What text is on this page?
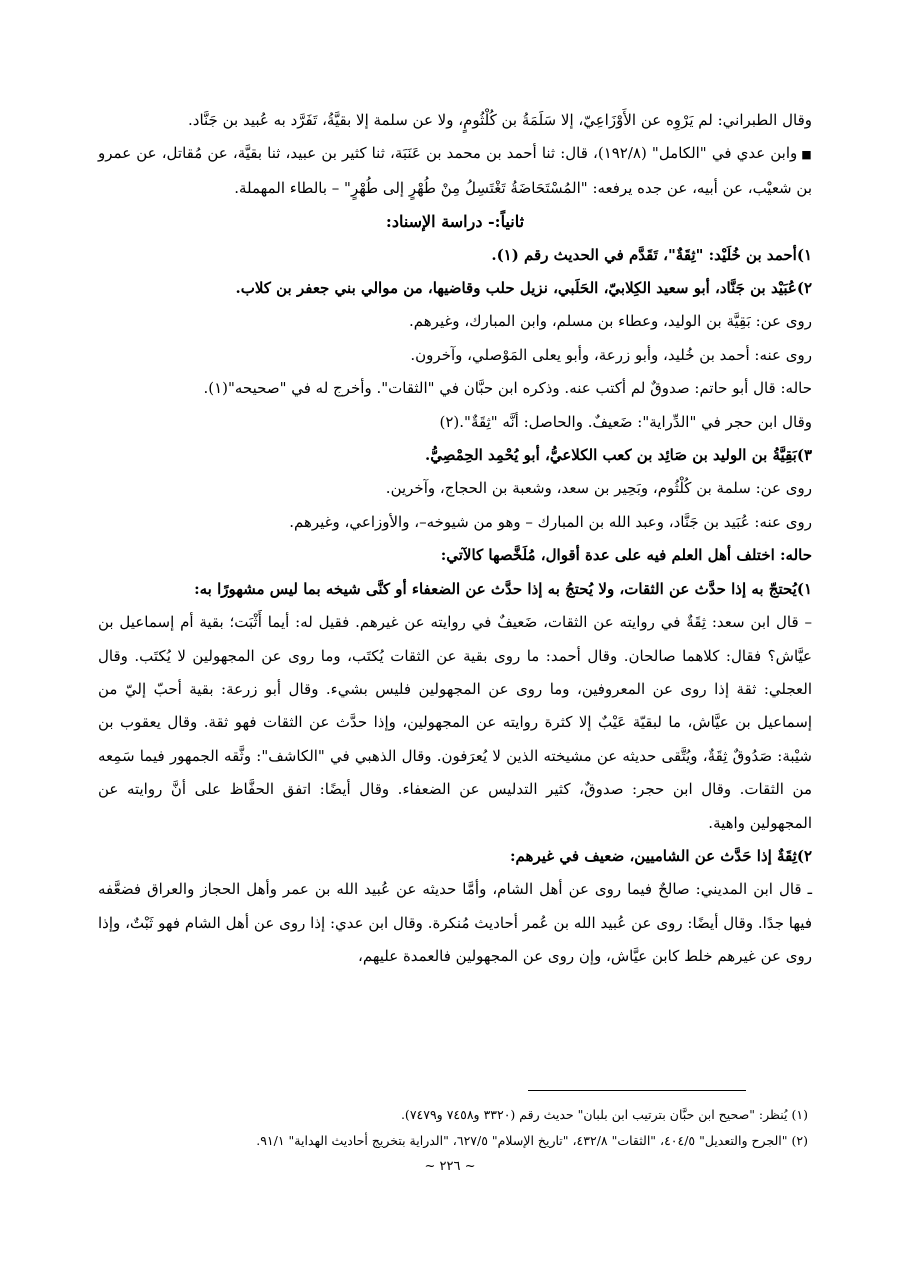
وقال الطبراني: لم يَرْوِه عن الأَوْزَاعِيّ، إلا سَلَمَةُ بن كُلْثُومٍ، ولا عن سلمة إلا بقيَّةُ، تَفَرَّد به عُبيد بن جَنَّاد.

■وابن عدي في "الكامل" (١٩٢/٨)، قال: ثنا أحمد بن محمد بن عَنَبَة، ثنا كثير بن عبيد، ثنا بقيَّة، عن مُقاتل، عن عمرو بن شعيْب، عن أبيه، عن جده يرفعه: "المُسْتَحَاضَةُ تَغْتَسِلُ مِنْ طُهْرٍ إلى طُهْرٍ" – بالطاء المهملة.

ثانياً:- دراسة الإسناد:

١)أحمد بن خُلَيْد: "ثِقَةٌ"، تَقَدَّم في الحديث رقم (١).

٢)عُبَيْد بن جَنَّاد، أبو سعيد الكِلابيّ، الحَلَبي، نزيل حلب وقاضيها، من موالي بني جعفر بن كلاب.

روى عن: بَقِيَّة بن الوليد، وعطاء بن مسلم، وابن المبارك، وغيرهم.

روى عنه: أحمد بن خُليد، وأبو زرعة، وأبو يعلى المَوْصلي، وآخرون.

حاله: قال أبو حاتم: صدوقٌ لم أكتب عنه. وذكره ابن حبَّان في "الثقات". وأخرج له في "صحيحه"(١).

وقال ابن حجر في "الدِّراية": ضَعيفٌ. والحاصل: أنَّه "ثِقَةٌ".(٢)

٣)بَقِيَّةُ بن الوليد بن صَائِد بن كعب الكلاعيُّ، أبو يُحْمِد الحِمْصِيُّ.

روى عن: سلمة بن كُلْثُوم، وبَحِير بن سعد، وشعبة بن الحجاج، وآخرين.

روى عنه: عُبَيد بن جَنَّاد، وعبد الله بن المبارك – وهو من شيوخه–، والأوزاعي، وغيرهم.

حاله: اختلف أهل العلم فيه على عدة أقوال، مُلَخَّصها كالآتي:

١)يُحتجّ به إذا حدَّث عن الثقات، ولا يُحتجُ به إذا حدَّث عن الضعفاء أو كنَّى شيخه بما ليس مشهورًا به:

– قال ابن سعد: ثِقَةٌ في روايته عن الثقات، ضَعيفٌ في روايته عن غيرهم. فقيل له: أيما أَثْبَت؛ بقية أم إسماعيل بن عيَّاش؟ فقال: كلاهما صالحان. وقال أحمد: ما روى بقية عن الثقات يُكتَب، وما روى عن المجهولين لا يُكتَب. وقال العجلي: ثقة إذا روى عن المعروفين، وما روى عن المجهولين فليس بشيء. وقال أبو زرعة: بقية أحبّ إليّ من إسماعيل بن عيَّاش، ما لبقيّة عَيْبٌ إلا كثرة روايته عن المجهولين، وإذا حدَّث عن الثقات فهو ثقة. وقال يعقوب بن شيْبة: صَدُوقٌ ثِقَةٌ، ويُتَّقى حديثه عن مشيخته الذين لا يُعرَفون. وقال الذهبي في "الكاشف": وثَّقه الجمهور فيما سَمِعه من الثقات. وقال ابن حجر: صدوقٌ، كثير التدليس عن الضعفاء. وقال أيضًا: اتفق الحفَّاظ على أنَّ روايته عن المجهولين واهية.

٢)ثِقَةٌ إذا حَدَّث عن الشاميين، ضعيف في غيرهم:

ـ قال ابن المديني: صالحٌ فيما روى عن أهل الشام، وأمَّا حديثه عن عُبيد الله بن عمر وأهل الحجاز والعراق فضعَّفه فيها جدًا. وقال أيضًا: روى عن عُبيد الله بن عُمر أحاديث مُنكرة. وقال ابن عدي: إذا روى عن أهل الشام فهو ثَبْتٌ، وإذا روى عن غيرهم خلط كابن عيَّاش، وإن روى عن المجهولين فالعمدة عليهم،

(١) يُنظر: "صحيح ابن حبَّان بترتيب ابن بلبان" حديث رقم (٣٣٢٠ و٧٤٥٨ و٧٤٧٩).

(٢) "الجرح والتعديل" ٤٠٤/٥، "الثقات" ٤٣٢/٨، "تاريخ الإسلام" ٦٢٧/٥، "الدراية بتخريج أحاديث الهداية" ٩١/١.

~ ٢٢٦ ~
